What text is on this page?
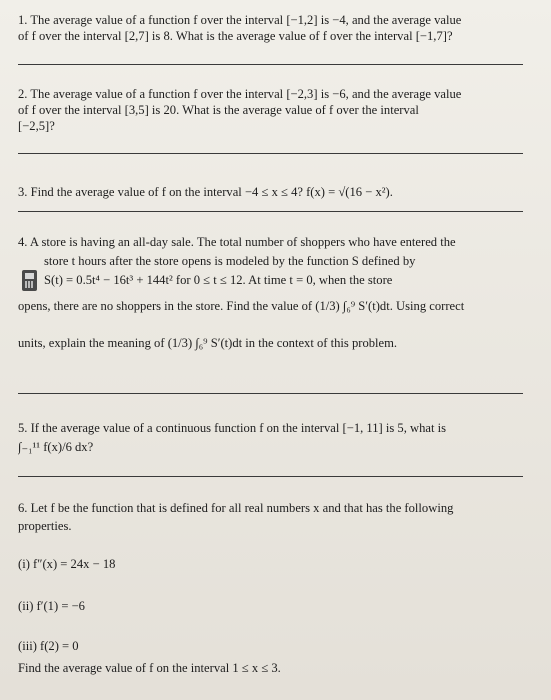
1. The average value of a function f over the interval [−1,2] is −4, and the average value
of f over the interval [2,7] is 8. What is the average value of f over the interval [−1,7]?
2. The average value of a function f over the interval [−2,3] is −6, and the average value
of f over the interval [3,5] is 20. What is the average value of f over the interval
[−2,5]?
3. Find the average value of f on the interval −4 ≤ x ≤ 4? f(x) = √(16 − x²).
4. A store is having an all-day sale. The total number of shoppers who have entered the
store t hours after the store opens is modeled by the function S defined by
S(t) = 0.5t⁴ − 16t³ + 144t² for 0 ≤ t ≤ 12. At time t = 0, when the store
opens, there are no shoppers in the store. Find the value of (1/3) ∫₆⁹ S′(t)dt. Using correct
units, explain the meaning of (1/3) ∫₆⁹ S′(t)dt in the context of this problem.
5. If the average value of a continuous function f on the interval [−1, 11] is 5, what is
∫₋₁¹¹ f(x)/6 dx?
6. Let f be the function that is defined for all real numbers x and that has the following
properties.
(i) f″(x) = 24x − 18
(ii) f′(1) = −6
(iii) f(2) = 0
Find the average value of f on the interval 1 ≤ x ≤ 3.
